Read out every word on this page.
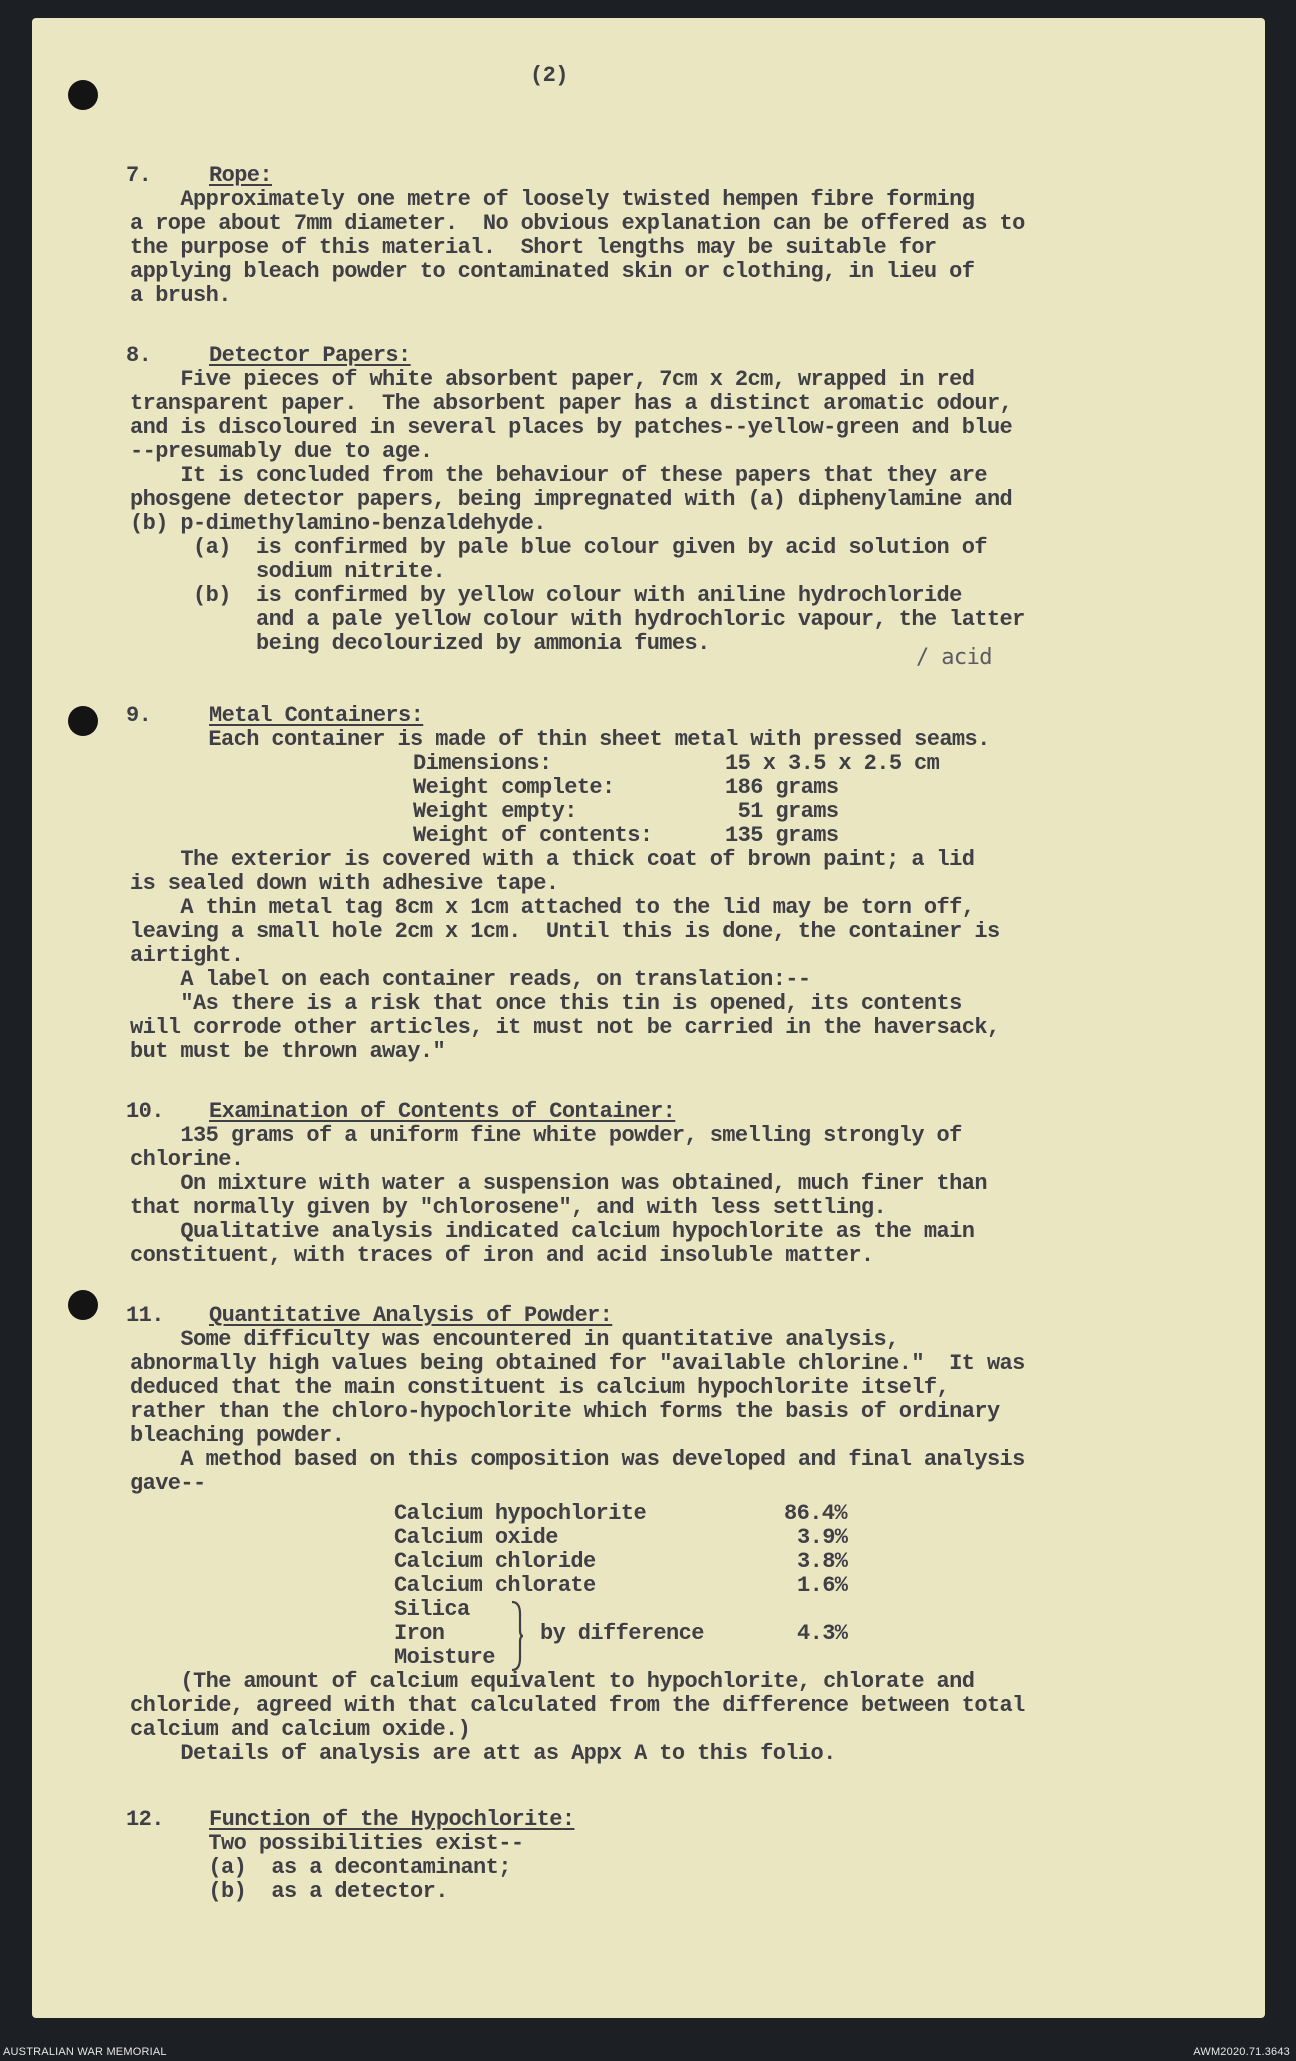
(2)
7.	Rope:
Approximately one metre of loosely twisted hempen fibre forming
a rope about 7mm diameter.  No obvious explanation can be offered as to
the purpose of this material.  Short lengths may be suitable for
applying bleach powder to contaminated skin or clothing, in lieu of
a brush.
8.	Detector Papers:
Five pieces of white absorbent paper, 7cm x 2cm, wrapped in red
transparent paper.  The absorbent paper has a distinct aromatic odour,
and is discoloured in several places by patches--yellow-green and blue
--presumably due to age.
It is concluded from the behaviour of these papers that they are
phosgene detector papers, being impregnated with (a) diphenylamine and
(b) p-dimethylamino-benzaldehyde.
(a)  is confirmed by pale blue colour given by acid solution of
sodium nitrite.
(b)  is confirmed by yellow colour with aniline hydrochloride
and a pale yellow colour with hydrochloric vapour, the latter
being decolourized by ammonia fumes.
/ acid
9.	Metal Containers:
Each container is made of thin sheet metal with pressed seams.
Dimensions:	15 x 3.5 x 2.5 cm
Weight complete:	186 grams
Weight empty:	51 grams
Weight of contents:	135 grams
The exterior is covered with a thick coat of brown paint; a lid
is sealed down with adhesive tape.
A thin metal tag 8cm x 1cm attached to the lid may be torn off,
leaving a small hole 2cm x 1cm.  Until this is done, the container is
airtight.
A label on each container reads, on translation:--
"As there is a risk that once this tin is opened, its contents
will corrode other articles, it must not be carried in the haversack,
but must be thrown away."
10. Examination of Contents of Container:
135 grams of a uniform fine white powder, smelling strongly of
chlorine.
On mixture with water a suspension was obtained, much finer than
that normally given by "chlorosene", and with less settling.
Qualitative analysis indicated calcium hypochlorite as the main
constituent, with traces of iron and acid insoluble matter.
11. Quantitative Analysis of Powder:
Some difficulty was encountered in quantitative analysis,
abnormally high values being obtained for "available chlorine."  It was
deduced that the main constituent is calcium hypochlorite itself,
rather than the chloro-hypochlorite which forms the basis of ordinary
bleaching powder.
A method based on this composition was developed and final analysis
gave--
Calcium hypochlorite	86.4%
Calcium oxide	3.9%
Calcium chloride	3.8%
Calcium chlorate	1.6%
Silica
Iron
Moisture
by difference	4.3%
(The amount of calcium equivalent to hypochlorite, chlorate and
chloride, agreed with that calculated from the difference between total
calcium and calcium oxide.)
Details of analysis are att as Appx A to this folio.
12. Function of the Hypochlorite:
Two possibilities exist--
(a)  as a decontaminant;
(b)  as a detector.
AUSTRALIAN WAR MEMORIAL	AWM2020.71.3643
